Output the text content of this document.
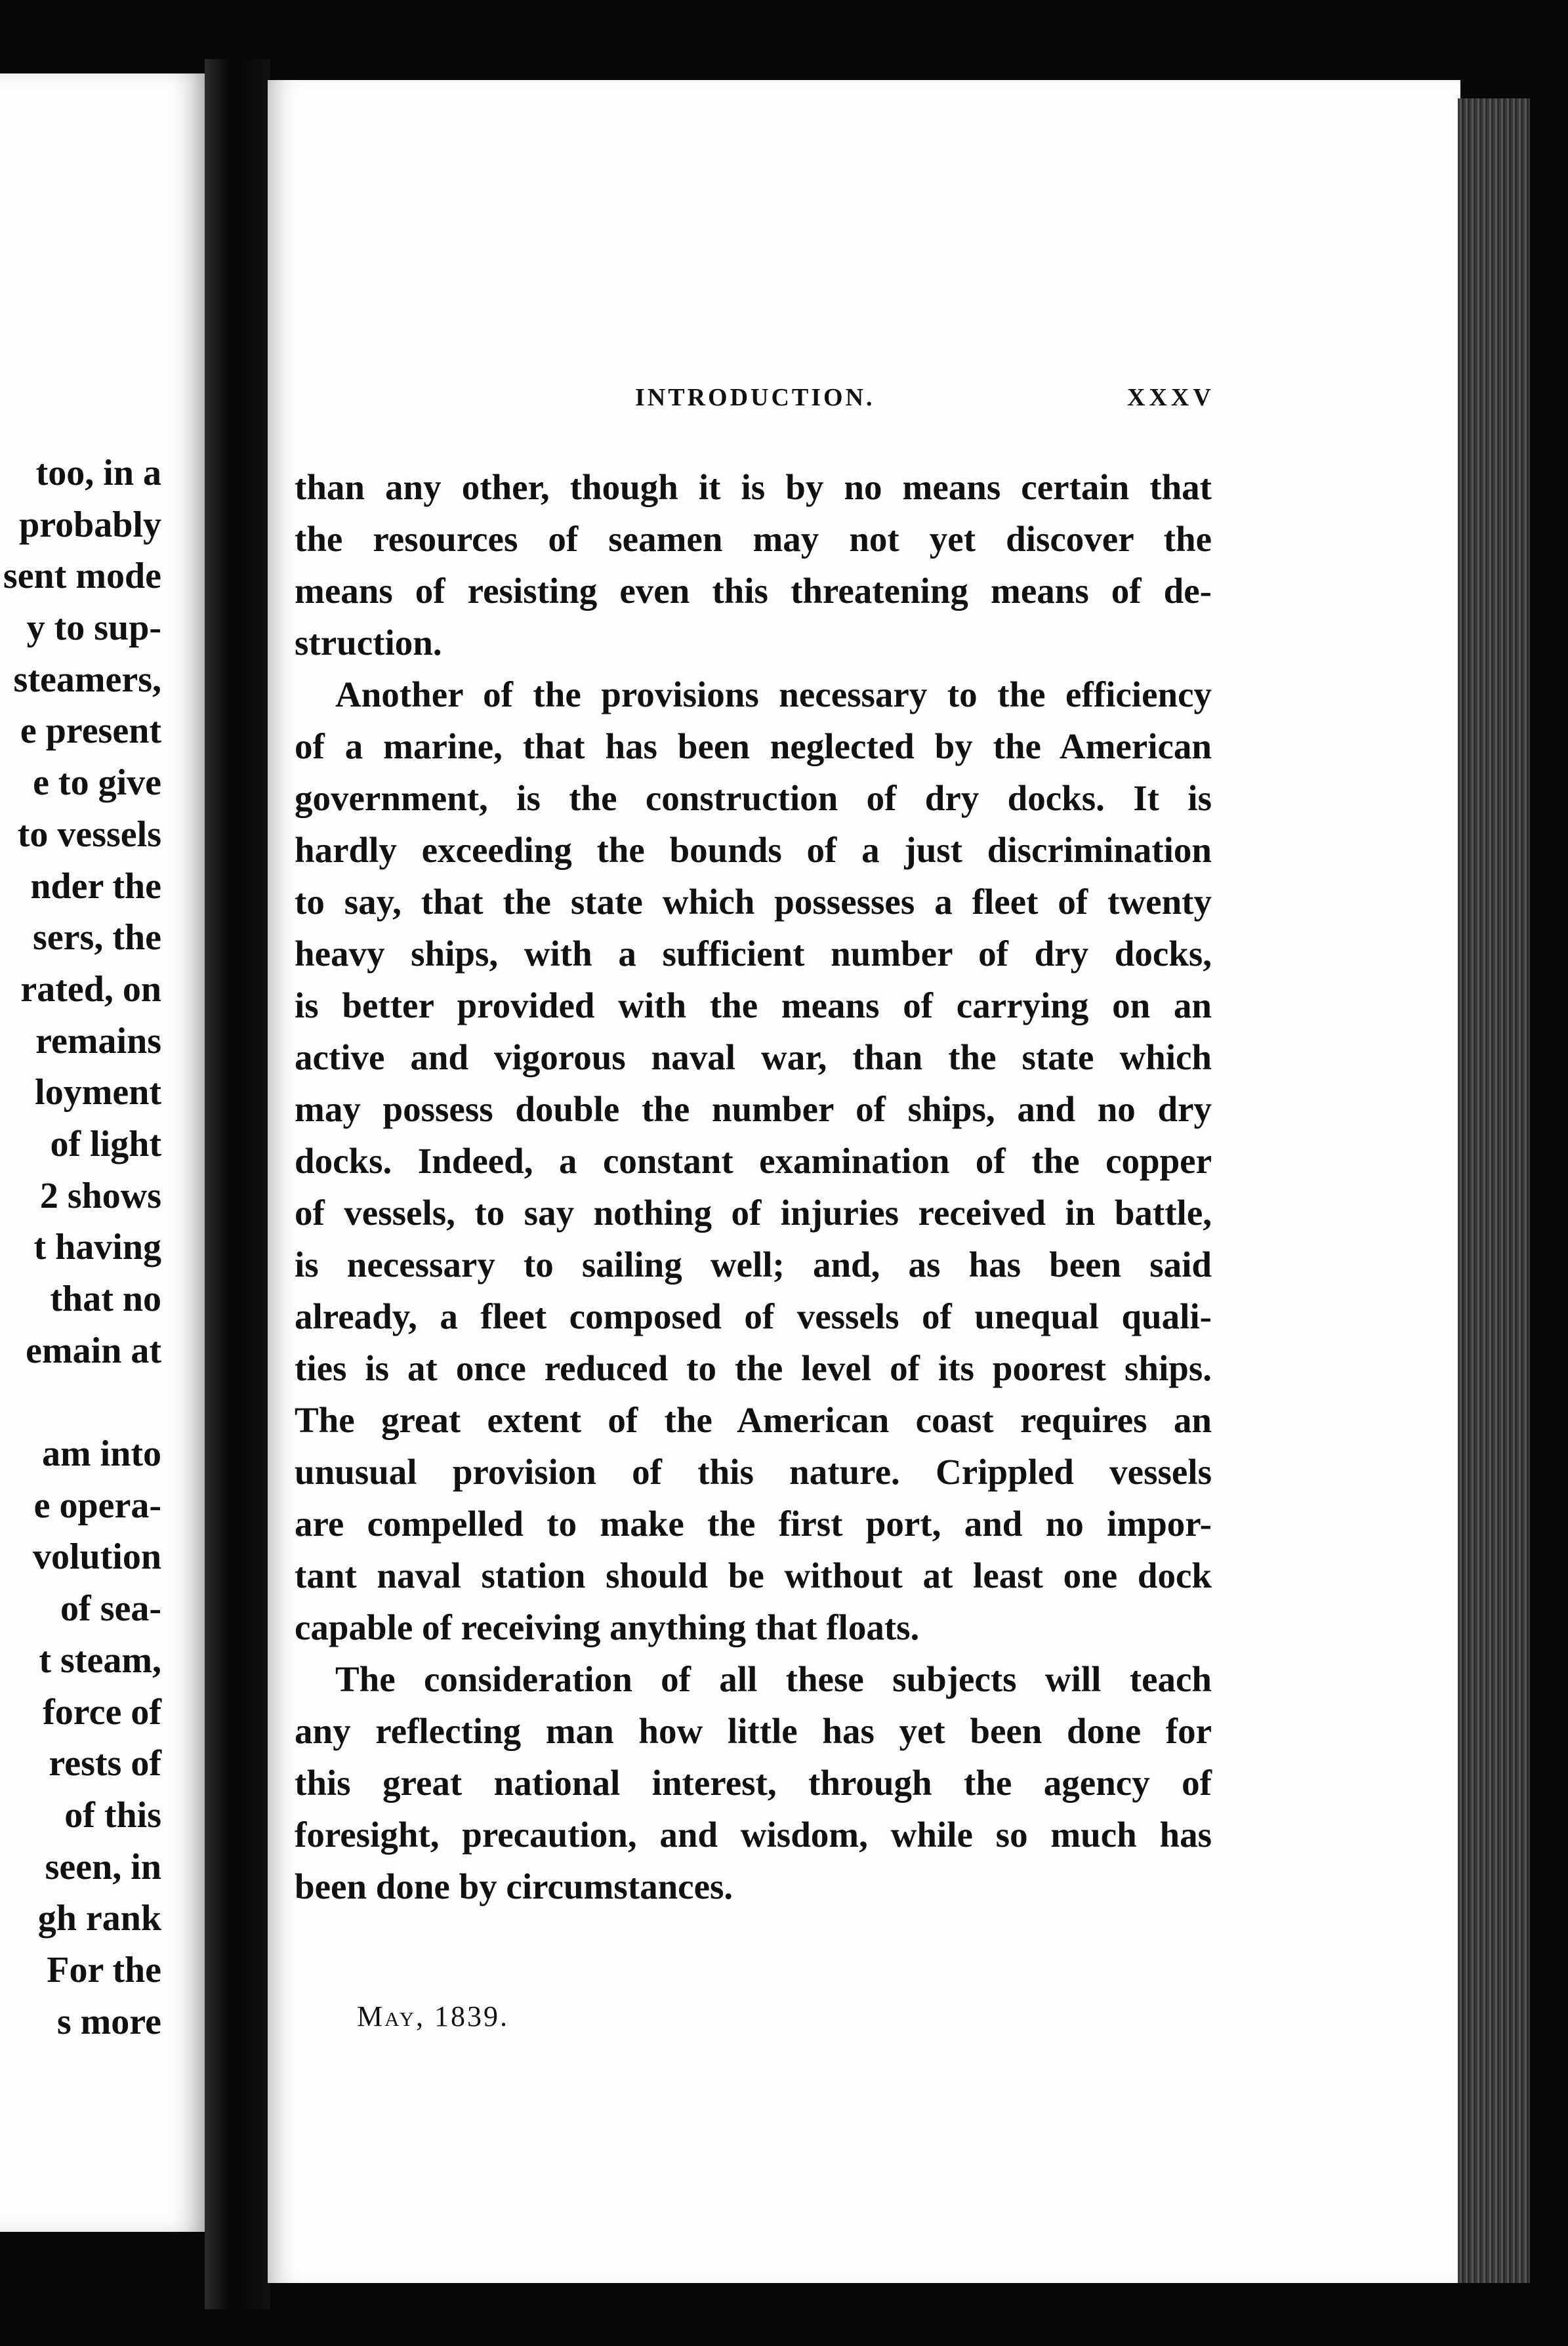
too, in a
probably
sent mode
y to sup-
steamers,
e present
e to give
to vessels
nder the
sers, the
rated, on
remains
loyment
of light
2 shows
t having
that no
emain at
am into
e opera-
volution
of sea-
t steam,
force of
rests of
of this
seen, in
gh rank
For the
s more
INTRODUCTION.	XXXV
than any other, though it is by no means certain that
the resources of seamen may not yet discover the
means of resisting even this threatening means of de-
struction.
Another of the provisions necessary to the efficiency
of a marine, that has been neglected by the American
government, is the construction of dry docks. It is
hardly exceeding the bounds of a just discrimination
to say, that the state which possesses a fleet of twenty
heavy ships, with a sufficient number of dry docks,
is better provided with the means of carrying on an
active and vigorous naval war, than the state which
may possess double the number of ships, and no dry
docks. Indeed, a constant examination of the copper
of vessels, to say nothing of injuries received in battle,
is necessary to sailing well; and, as has been said
already, a fleet composed of vessels of unequal quali-
ties is at once reduced to the level of its poorest ships.
The great extent of the American coast requires an
unusual provision of this nature. Crippled vessels
are compelled to make the first port, and no impor-
tant naval station should be without at least one dock
capable of receiving anything that floats.
The consideration of all these subjects will teach
any reflecting man how little has yet been done for
this great national interest, through the agency of
foresight, precaution, and wisdom, while so much has
been done by circumstances.
May, 1839.
